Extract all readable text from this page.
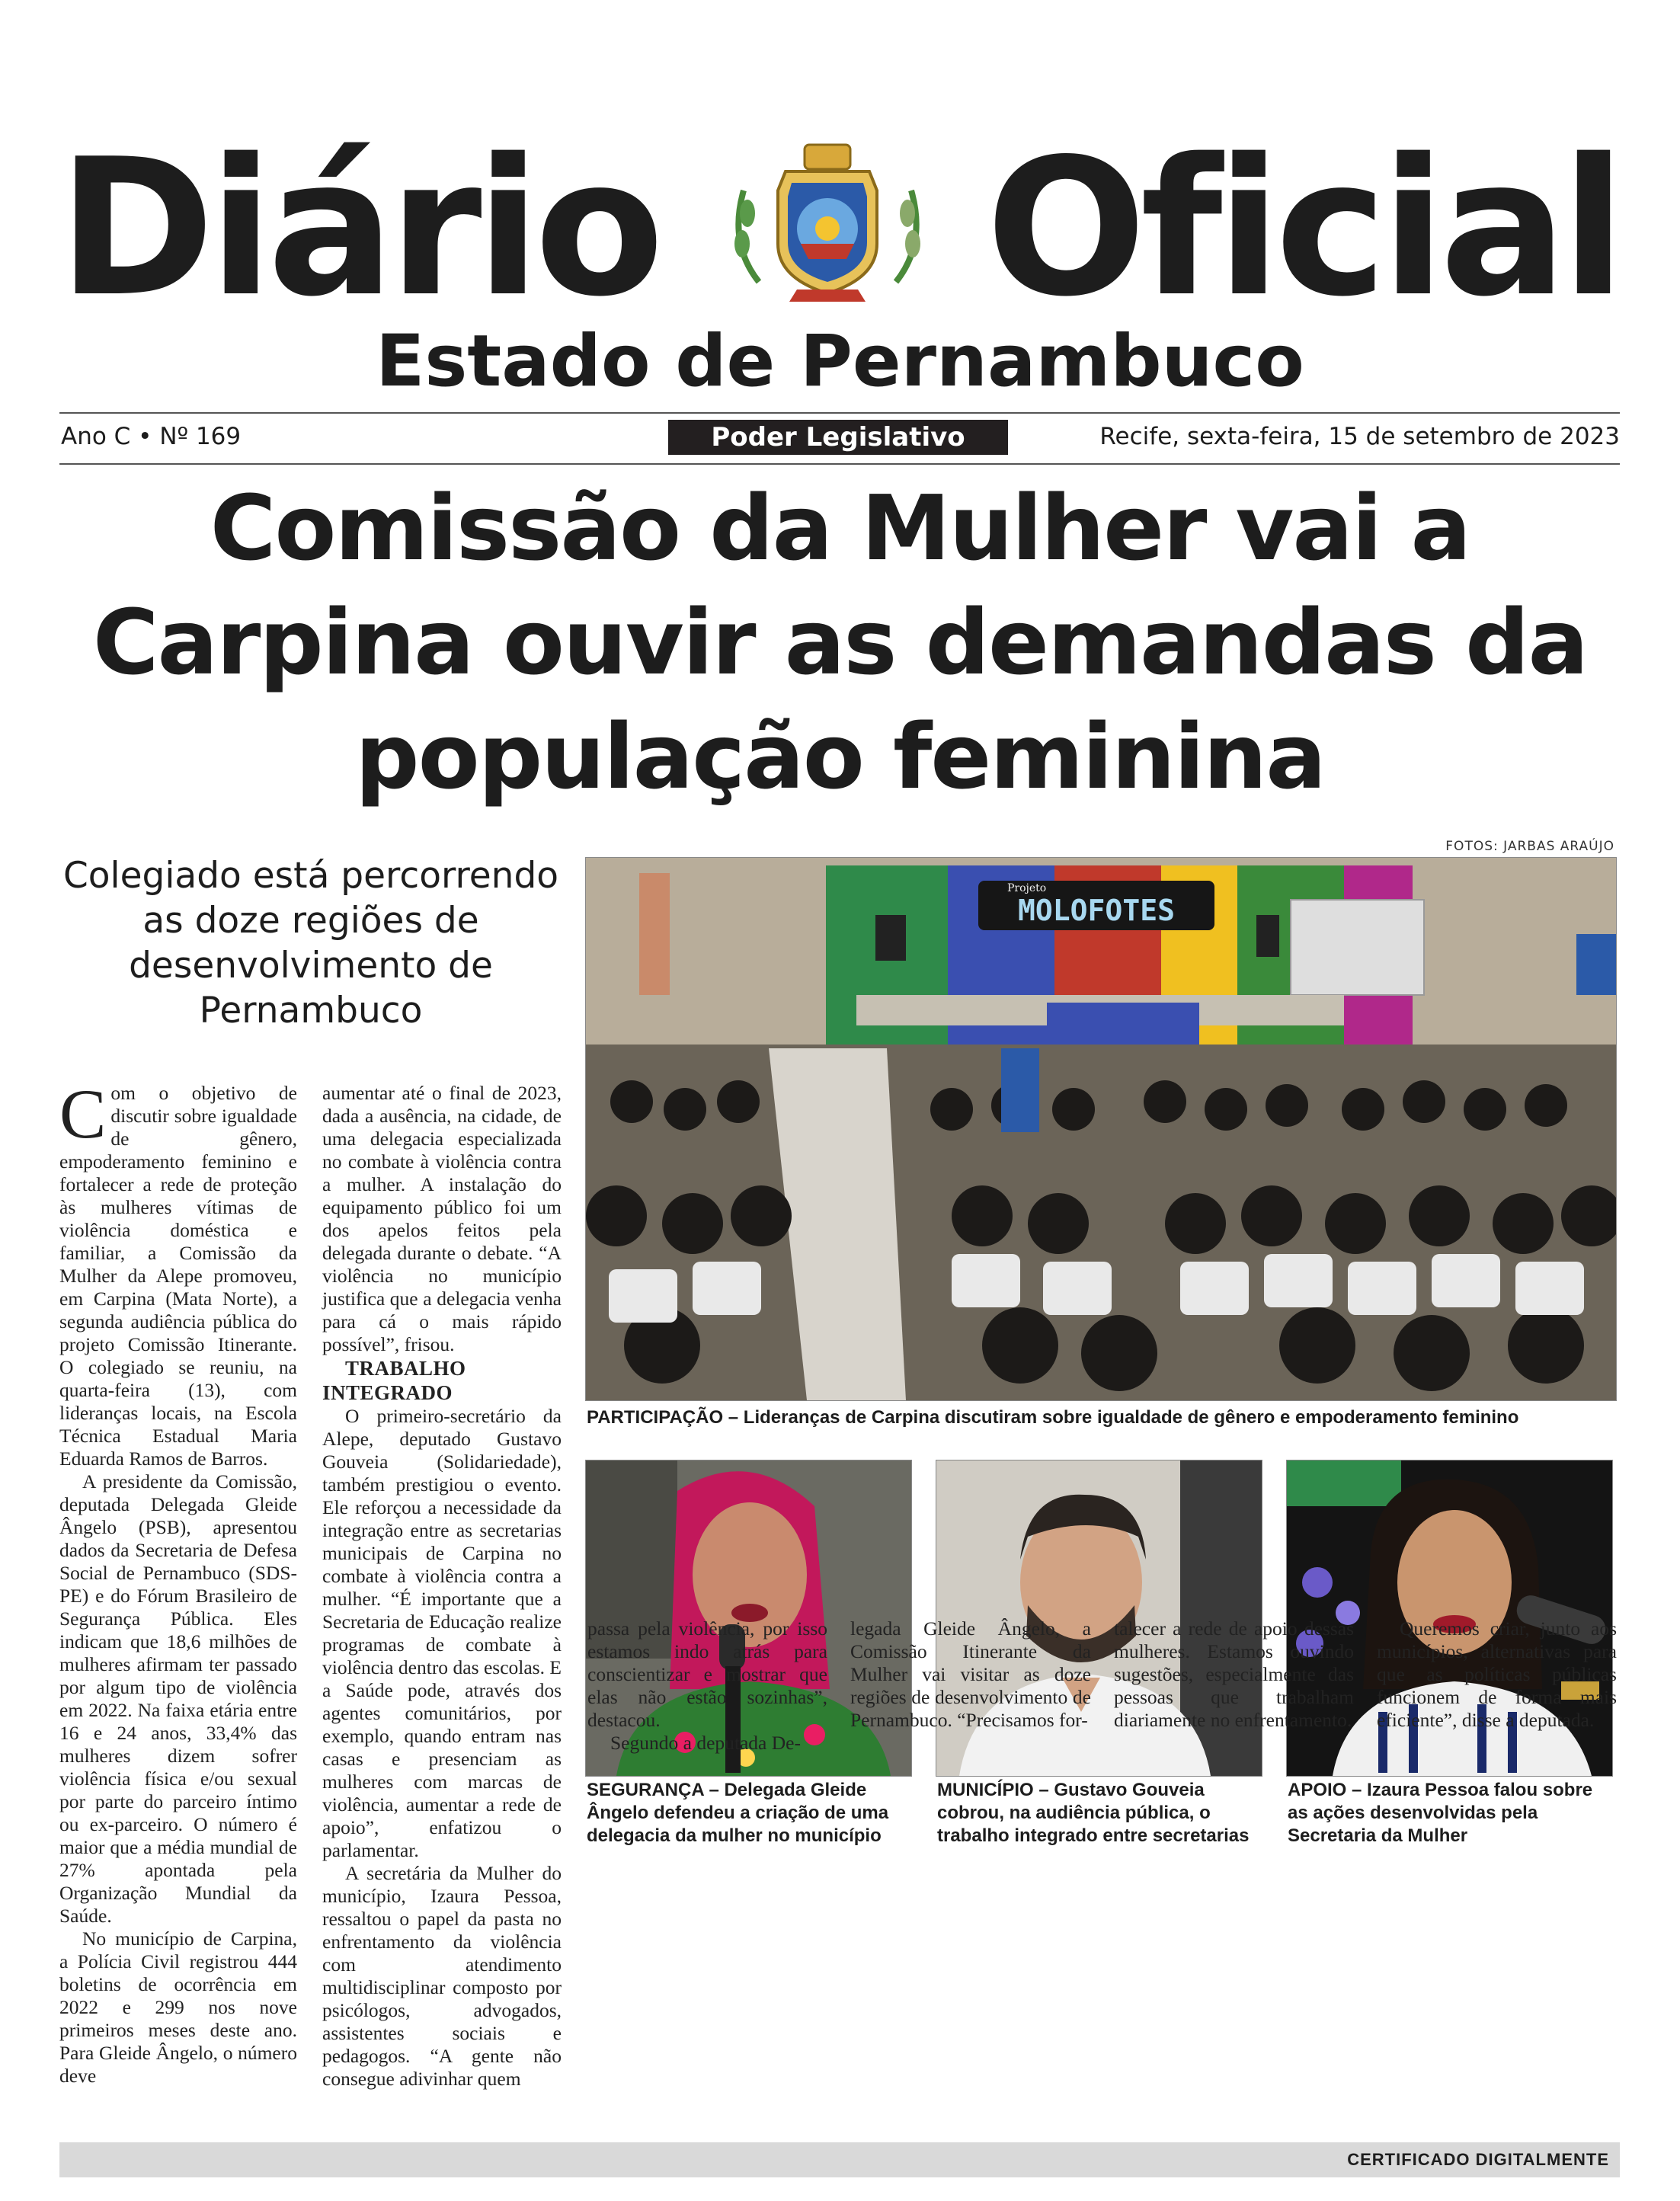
Diário Oficial
Estado de Pernambuco
Ano C • Nº 169	Poder Legislativo	Recife, sexta-feira, 15 de setembro de 2023
Comissão da Mulher vai a Carpina ouvir as demandas da população feminina
Colegiado está percorrendo as doze regiões de desenvolvimento de Pernambuco
FOTOS: JARBAS ARAÚJO
Projeto
MOLOFOTES
PARTICIPAÇÃO – Lideranças de Carpina discutiram sobre igualdade de gênero e empoderamento feminino
SEGURANÇA – Delegada Gleide Ângelo defendeu a criação de uma delegacia da mulher no município
MUNICÍPIO – Gustavo Gouveia cobrou, na audiência pública, o trabalho integrado entre secretarias
APOIO – Izaura Pessoa falou sobre as ações desenvolvidas pela Secretaria da Mulher

Com o objetivo de discutir sobre igualdade de gênero, empoderamento feminino e fortalecer a rede de proteção às mulheres vítimas de violência doméstica e familiar, a Comissão da Mulher da Alepe promoveu, em Carpina (Mata Norte), a segunda audiência pública do projeto Comissão Itinerante. O colegiado se reuniu, na quarta-feira (13), com lideranças locais, na Escola Técnica Estadual Maria Eduarda Ramos de Barros.

A presidente da Comissão, deputada Delegada Gleide Ângelo (PSB), apresentou dados da Secretaria de Defesa Social de Pernambuco (SDS-PE) e do Fórum Brasileiro de Segurança Pública. Eles indicam que 18,6 milhões de mulheres afirmam ter passado por algum tipo de violência em 2022. Na faixa etária entre 16 e 24 anos, 33,4% das mulheres dizem sofrer violência física e/ou sexual por parte do parceiro íntimo ou ex-parceiro. O número é maior que a média mundial de 27% apontada pela Organização Mundial da Saúde.

No município de Carpina, a Polícia Civil registrou 444 boletins de ocorrência em 2022 e 299 nos nove primeiros meses deste ano. Para Gleide Ângelo, o número deve

aumentar até o final de 2023, dada a ausência, na cidade, de uma delegacia especializada no combate à violência contra a mulher. A instalação do equipamento público foi um dos apelos feitos pela delegada durante o debate. “A violência no município justifica que a delegacia venha para cá o mais rápido possível”, frisou.

TRABALHO INTEGRADO

O primeiro-secretário da Alepe, deputado Gustavo Gouveia (Solidariedade), também prestigiou o evento. Ele reforçou a necessidade da integração entre as secretarias municipais de Carpina no combate à violência contra a mulher. “É importante que a Secretaria de Educação realize programas de combate à violência dentro das escolas. E a Saúde pode, através dos agentes comunitários, por exemplo, quando entram nas casas e presenciam as mulheres com marcas de violência, aumentar a rede de apoio”, enfatizou o parlamentar.

A secretária da Mulher do município, Izaura Pessoa, ressaltou o papel da pasta no enfrentamento da violência com atendimento multidisciplinar composto por psicólogos, advogados, assistentes sociais e pedagogos. “A gente não consegue adivinhar quem

passa pela violência, por isso estamos indo atrás para conscientizar e mostrar que elas não estão sozinhas”, destacou.

Segundo a deputada De-

legada Gleide Ângelo, a Comissão Itinerante da Mulher vai visitar as doze regiões de desenvolvimento de Pernambuco. “Precisamos for-

talecer a rede de apoio dessas mulheres. Estamos ouvindo sugestões, especialmente das pessoas que trabalham diariamente no enfrentamento.

Queremos criar, junto aos municípios, alternativas para que as políticas públicas funcionem de forma mais eficiente”, disse a deputada.

CERTIFICADO DIGITALMENTE
